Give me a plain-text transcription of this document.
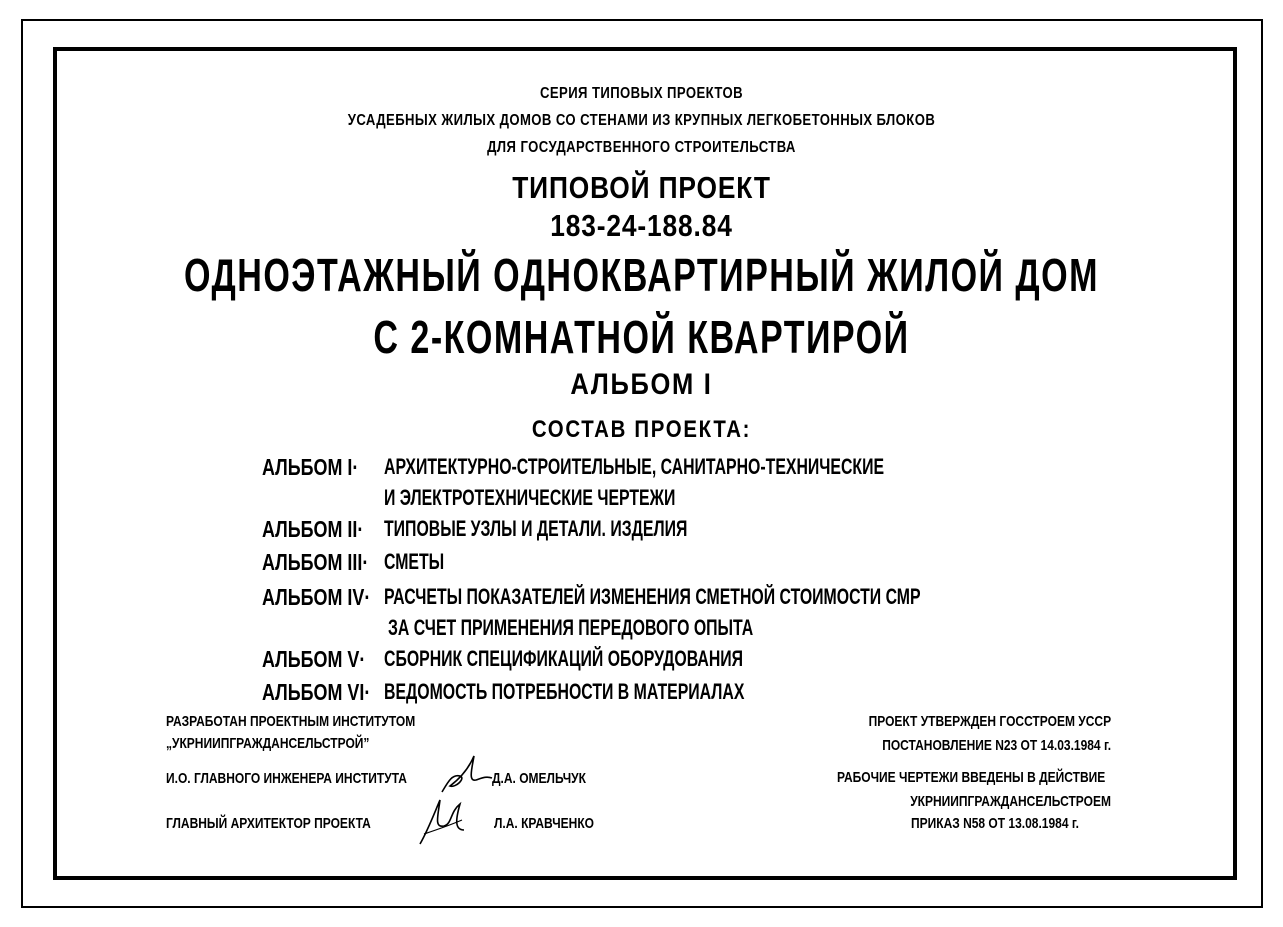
СЕРИЯ ТИПОВЫХ ПРОЕКТОВ
УСАДЕБНЫХ ЖИЛЫХ ДОМОВ СО СТЕНАМИ ИЗ КРУПНЫХ ЛЕГКОБЕТОННЫХ БЛОКОВ
ДЛЯ ГОСУДАРСТВЕННОГО СТРОИТЕЛЬСТВА
ТИПОВОЙ ПРОЕКТ
183-24-188.84
ОДНОЭТАЖНЫЙ ОДНОКВАРТИРНЫЙ ЖИЛОЙ ДОМ
С 2-КОМНАТНОЙ КВАРТИРОЙ
АЛЬБОМ I
СОСТАВ ПРОЕКТА:
АЛЬБОМ I· АРХИТЕКТУРНО-СТРОИТЕЛЬНЫЕ, САНИТАРНО-ТЕХНИЧЕСКИЕ
И ЭЛЕКТРОТЕХНИЧЕСКИЕ ЧЕРТЕЖИ
АЛЬБОМ II· ТИПОВЫЕ УЗЛЫ И ДЕТАЛИ. ИЗДЕЛИЯ
АЛЬБОМ III· СМЕТЫ
АЛЬБОМ IV· РАСЧЕТЫ ПОКАЗАТЕЛЕЙ ИЗМЕНЕНИЯ СМЕТНОЙ СТОИМОСТИ СМР
ЗА СЧЕТ ПРИМЕНЕНИЯ ПЕРЕДОВОГО ОПЫТА
АЛЬБОМ V· СБОРНИК СПЕЦИФИКАЦИЙ ОБОРУДОВАНИЯ
АЛЬБОМ VI· ВЕДОМОСТЬ ПОТРЕБНОСТИ В МАТЕРИАЛАХ
РАЗРАБОТАН ПРОЕКТНЫМ ИНСТИТУТОМ
„УКРНИИПГРАЖДАНСЕЛЬСТРОЙ”
И.О. ГЛАВНОГО ИНЖЕНЕРА ИНСТИТУТА	Д.А. ОМЕЛЬЧУК
ГЛАВНЫЙ АРХИТЕКТОР ПРОЕКТА	Л.А. КРАВЧЕНКО
ПРОЕКТ УТВЕРЖДЕН ГОССТРОЕМ УССР
ПОСТАНОВЛЕНИЕ N23 ОТ 14.03.1984 г.
РАБОЧИЕ ЧЕРТЕЖИ ВВЕДЕНЫ В ДЕЙСТВИЕ
УКРНИИПГРАЖДАНСЕЛЬСТРОЕМ
ПРИКАЗ N58 ОТ 13.08.1984 г.
